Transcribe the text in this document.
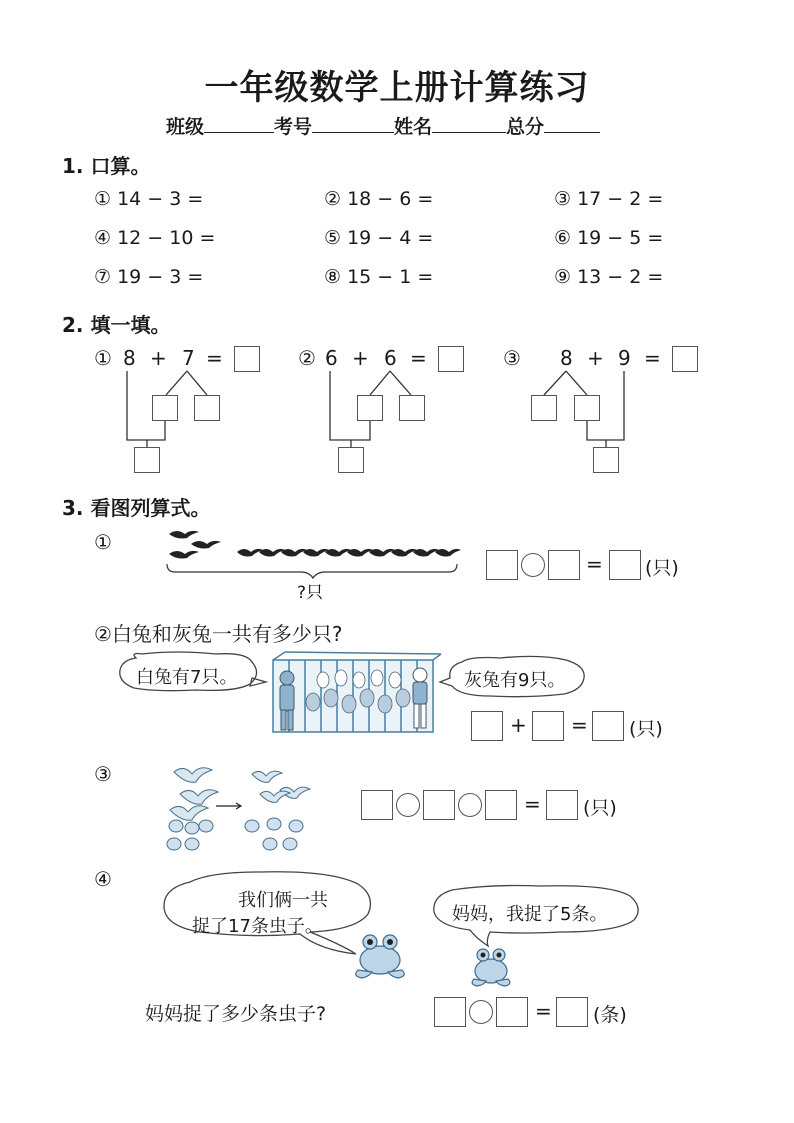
一年级数学上册计算练习
班级	考号	姓名	总分
1. 口算。
① 14 − 3 =	② 18 − 6 =	③ 17 − 2 =
④ 12 − 10 =	⑤ 19 − 4 =	⑥ 19 − 5 =
⑦ 19 − 3 =	⑧ 15 − 1 =	⑨ 13 − 2 =
2. 填一填。
① 8 + 7 =	② 6 + 6 =	③ 8 + 9 =
3. 看图列算式。
①
?只
= (只)
②白兔和灰兔一共有多少只?
白兔有7只。	灰兔有9只。
+ = (只)
③
= (只)
④
我们俩一共
捉了17条虫子。
妈妈，我捉了5条。
妈妈捉了多少条虫子?	= (条)
